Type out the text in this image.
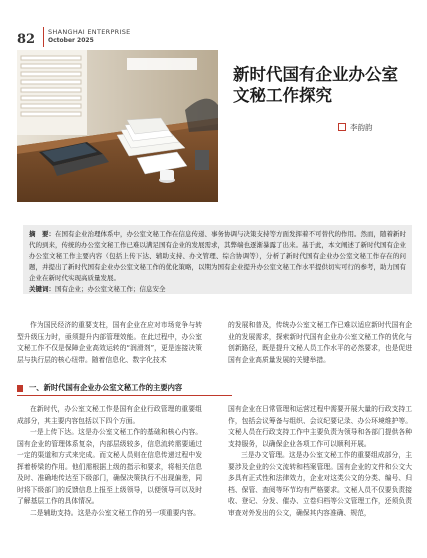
82 SHANGHAI ENTERPRISE
October 2025

新时代国有企业办公室

文秘工作探究

李韵韵

摘　要：在国有企业治理体系中，办公室文秘工作在信息传递、事务协调与决策支持等方面发挥着不可替代的作用。然而，随着新时代的到来，传统的办公室文秘工作已难以满足国有企业的发展需求，其弊端也逐渐暴露了出来。基于此，本文阐述了新时代国有企业办公室文秘工作主要内容（包括上传下达、辅助支持、办文管理、综合协调等），分析了新时代国有企业办公室文秘工作存在的问题，并提出了新时代国有企业办公室文秘工作的优化策略，以期为国有企业提升办公室文秘工作水平提供切实可行的参考，助力国有企业在新时代实现高质量发展。

关键词：国有企业；办公室文秘工作；信息安全

作为国民经济的重要支柱，国有企业在应对市场竞争与转型升级压力时，亟须提升内部管理效能。在此过程中，办公室文秘工作不仅是保障企业高效运转的“润滑剂”，更是连接决策层与执行层的核心纽带。随着信息化、数字化技术

的发展和普及，传统办公室文秘工作已难以适应新时代国有企业的发展需求，探索新时代国有企业办公室文秘工作的优化与创新路径，既是提升文秘人员工作水平的必然要求，也是促进国有企业高质量发展的关键举措。

一、新时代国有企业办公室文秘工作的主要内容

在新时代，办公室文秘工作是国有企业行政管理的重要组成部分，其主要内容包括以下四个方面。

一是上传下达。这是办公室文秘工作的基础和核心内容。国有企业的管理体系复杂，内部层级较多，信息流转需要通过一定的渠道和方式来完成。而文秘人员则在信息传递过程中发挥着桥梁的作用。他们需根据上级的指示和要求，将相关信息及时、准确地传达至下级部门，确保决策执行不出现偏差，同时将下级部门的反馈信息上报至上级领导，以便领导可以及时了解基层工作的具体情况。

二是辅助支持。这是办公室文秘工作的另一项重要内容。

国有企业在日常管理和运营过程中需要开展大量的行政支持工作，包括会议筹备与组织、会议纪要记录、办公环境维护等。文秘人员在行政支持工作中主要负责为领导和各部门提供各种支持服务，以确保企业各项工作可以顺利开展。

三是办文管理。这是办公室文秘工作的重要组成部分，主要涉及企业的公文流转和档案管理。国有企业的文件和公文大多具有正式性和法律效力，企业对这类公文的分类、编号、归档、保管、查阅等环节均有严格要求。文秘人员不仅要负责接收、登记、分发、催办、立卷归档等公文管理工作，还须负责审查对外发出的公文，确保其内容准确、规范，
